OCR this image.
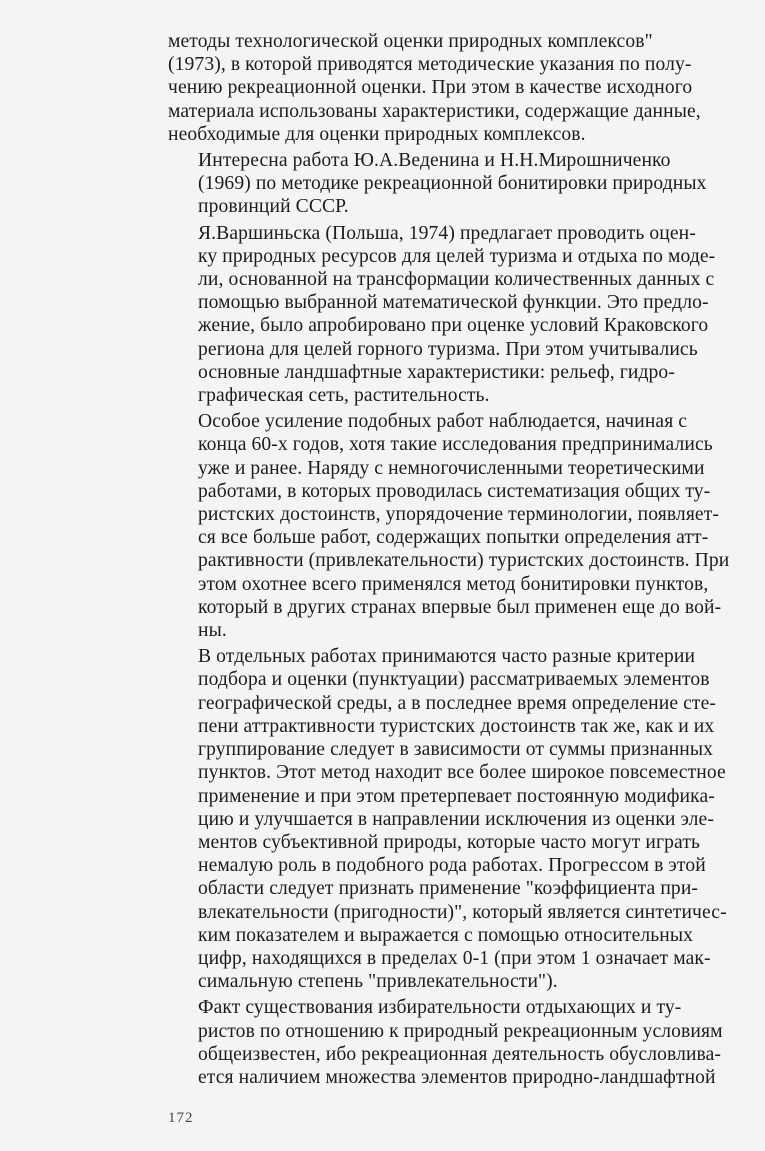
методы технологической оценки природных комплексов"
(1973), в которой приводятся методические указания по полу-
чению рекреационной оценки. При этом в качестве исходного
материала использованы характеристики, содержащие данные,
необходимые для оценки природных комплексов.

Интересна работа Ю.А.Веденина и Н.Н.Мирошниченко
(1969) по методике рекреационной бонитировки природных
провинций СССР.

Я.Варшиньска (Польша, 1974) предлагает проводить оцен-
ку природных ресурсов для целей туризма и отдыха по моде-
ли, основанной на трансформации количественных данных с
помощью выбранной математической функции. Это предло-
жение, было апробировано при оценке условий Краковского
региона для целей горного туризма. При этом учитывались
основные ландшафтные характеристики: рельеф, гидро-
графическая сеть, растительность.

Особое усиление подобных работ наблюдается, начиная с
конца 60-х годов, хотя такие исследования предпринимались
уже и ранее. Наряду с немногочисленными теоретическими
работами, в которых проводилась систематизация общих ту-
ристских достоинств, упорядочение терминологии, появляет-
ся все больше работ, содержащих попытки определения атт-
рактивности (привлекательности) туристских достоинств. При
этом охотнее всего применялся метод бонитировки пунктов,
который в других странах впервые был применен еще до вой-
ны.

В отдельных работах принимаются часто разные критерии
подбора и оценки (пунктуации) рассматриваемых элементов
географической среды, а в последнее время определение сте-
пени аттрактивности туристских достоинств так же, как и их
группирование следует в зависимости от суммы признанных
пунктов. Этот метод находит все более широкое повсеместное
применение и при этом претерпевает постоянную модифика-
цию и улучшается в направлении исключения из оценки эле-
ментов субъективной природы, которые часто могут играть
немалую роль в подобного рода работах. Прогрессом в этой
области следует признать применение "коэффициента при-
влекательности (пригодности)", который является синтетичес-
ким показателем и выражается с помощью относительных
цифр, находящихся в пределах 0-1 (при этом 1 означает мак-
симальную степень "привлекательности").

Факт существования избирательности отдыхающих и ту-
ристов по отношению к природный рекреационным условиям
общеизвестен, ибо рекреационная деятельность обусловлива-
ется наличием множества элементов природно-ландшафтной

172
